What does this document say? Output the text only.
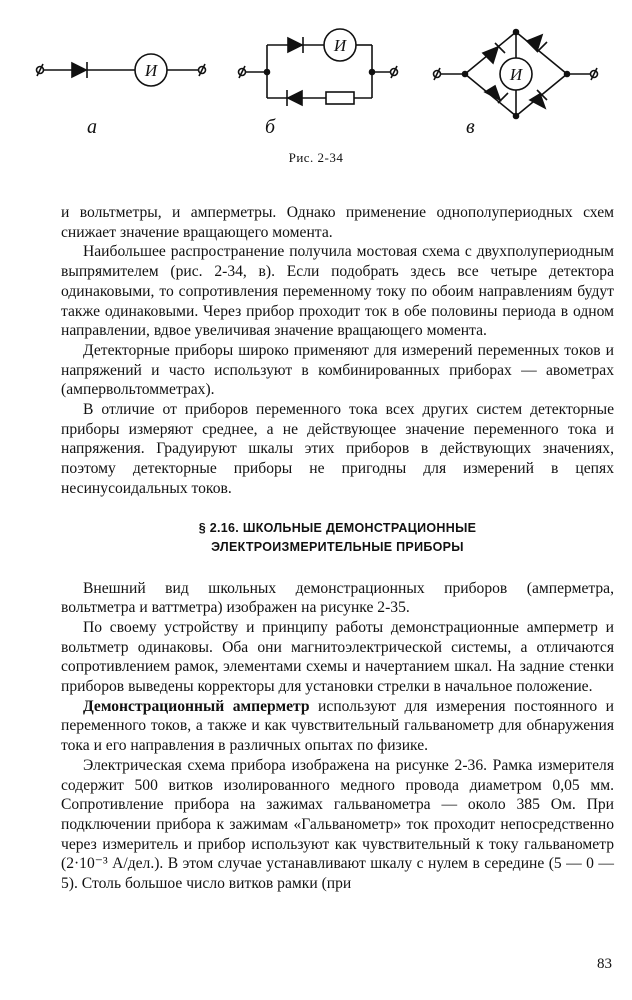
И
И
И
а	б	в
Рис. 2-34

и вольтметры, и амперметры. Однако применение однополупериодных схем снижает значение вращающего момента.

Наибольшее распространение получила мостовая схема с двухполупериодным выпрямителем (рис. 2-34, в). Если подобрать здесь все четыре детектора одинаковыми, то сопротивления переменному току по обоим направлениям будут также одинаковыми. Через прибор проходит ток в обе половины периода в одном направлении, вдвое увеличивая значение вращающего момента.

Детекторные приборы широко применяют для измерений переменных токов и напряжений и часто используют в комбинированных приборах — авометрах (ампервольтомметрах).

В отличие от приборов переменного тока всех других систем детекторные приборы измеряют среднее, а не действующее значение переменного тока и напряжения. Градуируют шкалы этих приборов в действующих значениях, поэтому детекторные приборы не пригодны для измерений в цепях несинусоидальных токов.

§ 2.16. ШКОЛЬНЫЕ ДЕМОНСТРАЦИОННЫЕ
ЭЛЕКТРОИЗМЕРИТЕЛЬНЫЕ ПРИБОРЫ

Внешний вид школьных демонстрационных приборов (амперметра, вольтметра и ваттметра) изображен на рисунке 2-35.

По своему устройству и принципу работы демонстрационные амперметр и вольтметр одинаковы. Оба они магнитоэлектрической системы, а отличаются сопротивлением рамок, элементами схемы и начертанием шкал. На задние стенки приборов выведены корректоры для установки стрелки в начальное положение.

Демонстрационный амперметр используют для измерения постоянного и переменного токов, а также и как чувствительный гальванометр для обнаружения тока и его направления в различных опытах по физике.

Электрическая схема прибора изображена на рисунке 2-36. Рамка измерителя содержит 500 витков изолированного медного провода диаметром 0,05 мм. Сопротивление прибора на зажимах гальванометра — около 385 Ом. При подключении прибора к зажимам «Гальванометр» ток проходит непосредственно через измеритель и прибор используют как чувствительный к току гальванометр (2·10⁻³ А/дел.). В этом случае устанавливают шкалу с нулем в середине (5 — 0 — 5). Столь большое число витков рамки (при

83
